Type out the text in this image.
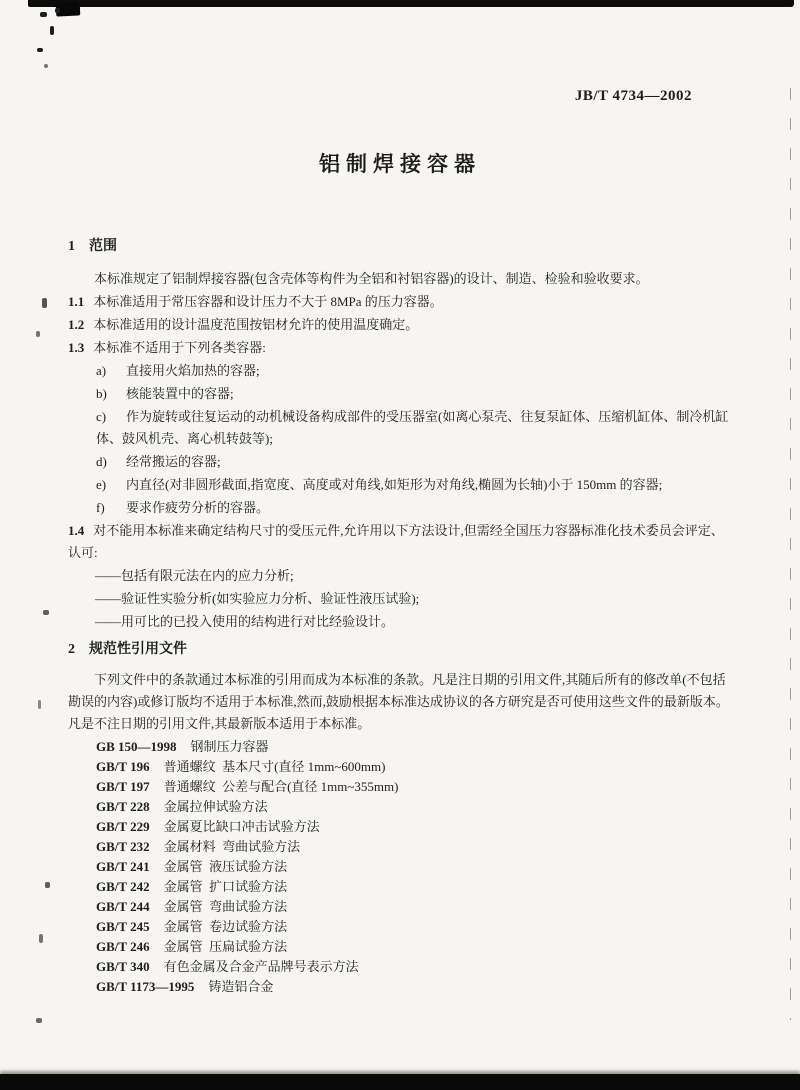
JB/T 4734—2002
铝制焊接容器
1 范围

本标准规定了铝制焊接容器(包含壳体等构件为全铝和衬铝容器)的设计、制造、检验和验收要求。

1.1 本标准适用于常压容器和设计压力不大于 8MPa 的压力容器。

1.2 本标准适用的设计温度范围按铝材允许的使用温度确定。

1.3 本标准不适用于下列各类容器:

a) 直接用火焰加热的容器;
b) 核能装置中的容器;
c) 作为旋转或往复运动的动机械设备构成部件的受压器室(如离心泵壳、往复泵缸体、压缩机缸体、制冷机缸体、鼓风机壳、离心机转鼓等);
d) 经常搬运的容器;
e) 内直径(对非圆形截面,指宽度、高度或对角线,如矩形为对角线,椭圆为长轴)小于 150mm 的容器;
f) 要求作疲劳分析的容器。

1.4 对不能用本标准来确定结构尺寸的受压元件,允许用以下方法设计,但需经全国压力容器标准化技术委员会评定、认可:

——包括有限元法在内的应力分析;

——验证性实验分析(如实验应力分析、验证性液压试验);

——用可比的已投入使用的结构进行对比经验设计。

2 规范性引用文件

下列文件中的条款通过本标准的引用而成为本标准的条款。凡是注日期的引用文件,其随后所有的修改单(不包括勘误的内容)或修订版均不适用于本标准,然而,鼓励根据本标准达成协议的各方研究是否可使用这些文件的最新版本。凡是不注日期的引用文件,其最新版本适用于本标准。

GB 150—1998 钢制压力容器
GB/T 196 普通螺纹  基本尺寸(直径 1mm~600mm)
GB/T 197 普通螺纹  公差与配合(直径 1mm~355mm)
GB/T 228 金属拉伸试验方法
GB/T 229 金属夏比缺口冲击试验方法
GB/T 232 金属材料  弯曲试验方法
GB/T 241 金属管  液压试验方法
GB/T 242 金属管  扩口试验方法
GB/T 244 金属管  弯曲试验方法
GB/T 245 金属管  卷边试验方法
GB/T 246 金属管  压扁试验方法
GB/T 340 有色金属及合金产品牌号表示方法
GB/T 1173—1995 铸造铝合金
